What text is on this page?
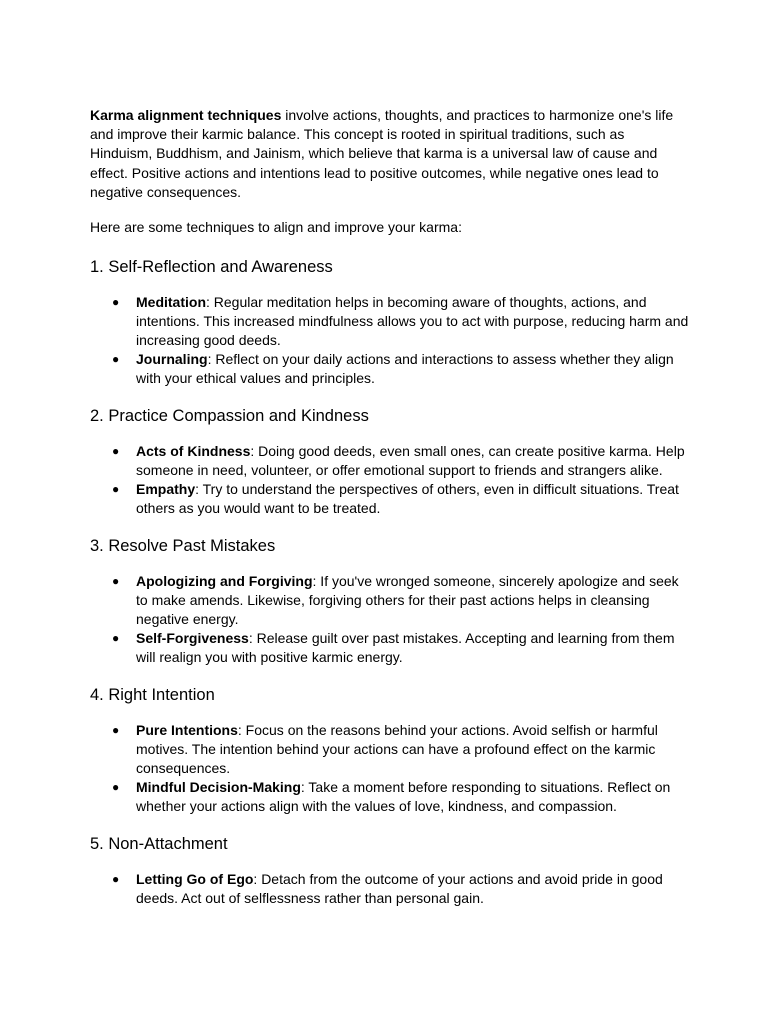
Karma alignment techniques involve actions, thoughts, and practices to harmonize one's life and improve their karmic balance. This concept is rooted in spiritual traditions, such as Hinduism, Buddhism, and Jainism, which believe that karma is a universal law of cause and effect. Positive actions and intentions lead to positive outcomes, while negative ones lead to negative consequences.

Here are some techniques to align and improve your karma:

1. Self-Reflection and Awareness
● Meditation: Regular meditation helps in becoming aware of thoughts, actions, and intentions. This increased mindfulness allows you to act with purpose, reducing harm and increasing good deeds.
● Journaling: Reflect on your daily actions and interactions to assess whether they align with your ethical values and principles.
2. Practice Compassion and Kindness
● Acts of Kindness: Doing good deeds, even small ones, can create positive karma. Help someone in need, volunteer, or offer emotional support to friends and strangers alike.
● Empathy: Try to understand the perspectives of others, even in difficult situations. Treat others as you would want to be treated.
3. Resolve Past Mistakes
● Apologizing and Forgiving: If you've wronged someone, sincerely apologize and seek to make amends. Likewise, forgiving others for their past actions helps in cleansing negative energy.
● Self-Forgiveness: Release guilt over past mistakes. Accepting and learning from them will realign you with positive karmic energy.
4. Right Intention
● Pure Intentions: Focus on the reasons behind your actions. Avoid selfish or harmful motives. The intention behind your actions can have a profound effect on the karmic consequences.
● Mindful Decision-Making: Take a moment before responding to situations. Reflect on whether your actions align with the values of love, kindness, and compassion.
5. Non-Attachment
● Letting Go of Ego: Detach from the outcome of your actions and avoid pride in good deeds. Act out of selflessness rather than personal gain.
